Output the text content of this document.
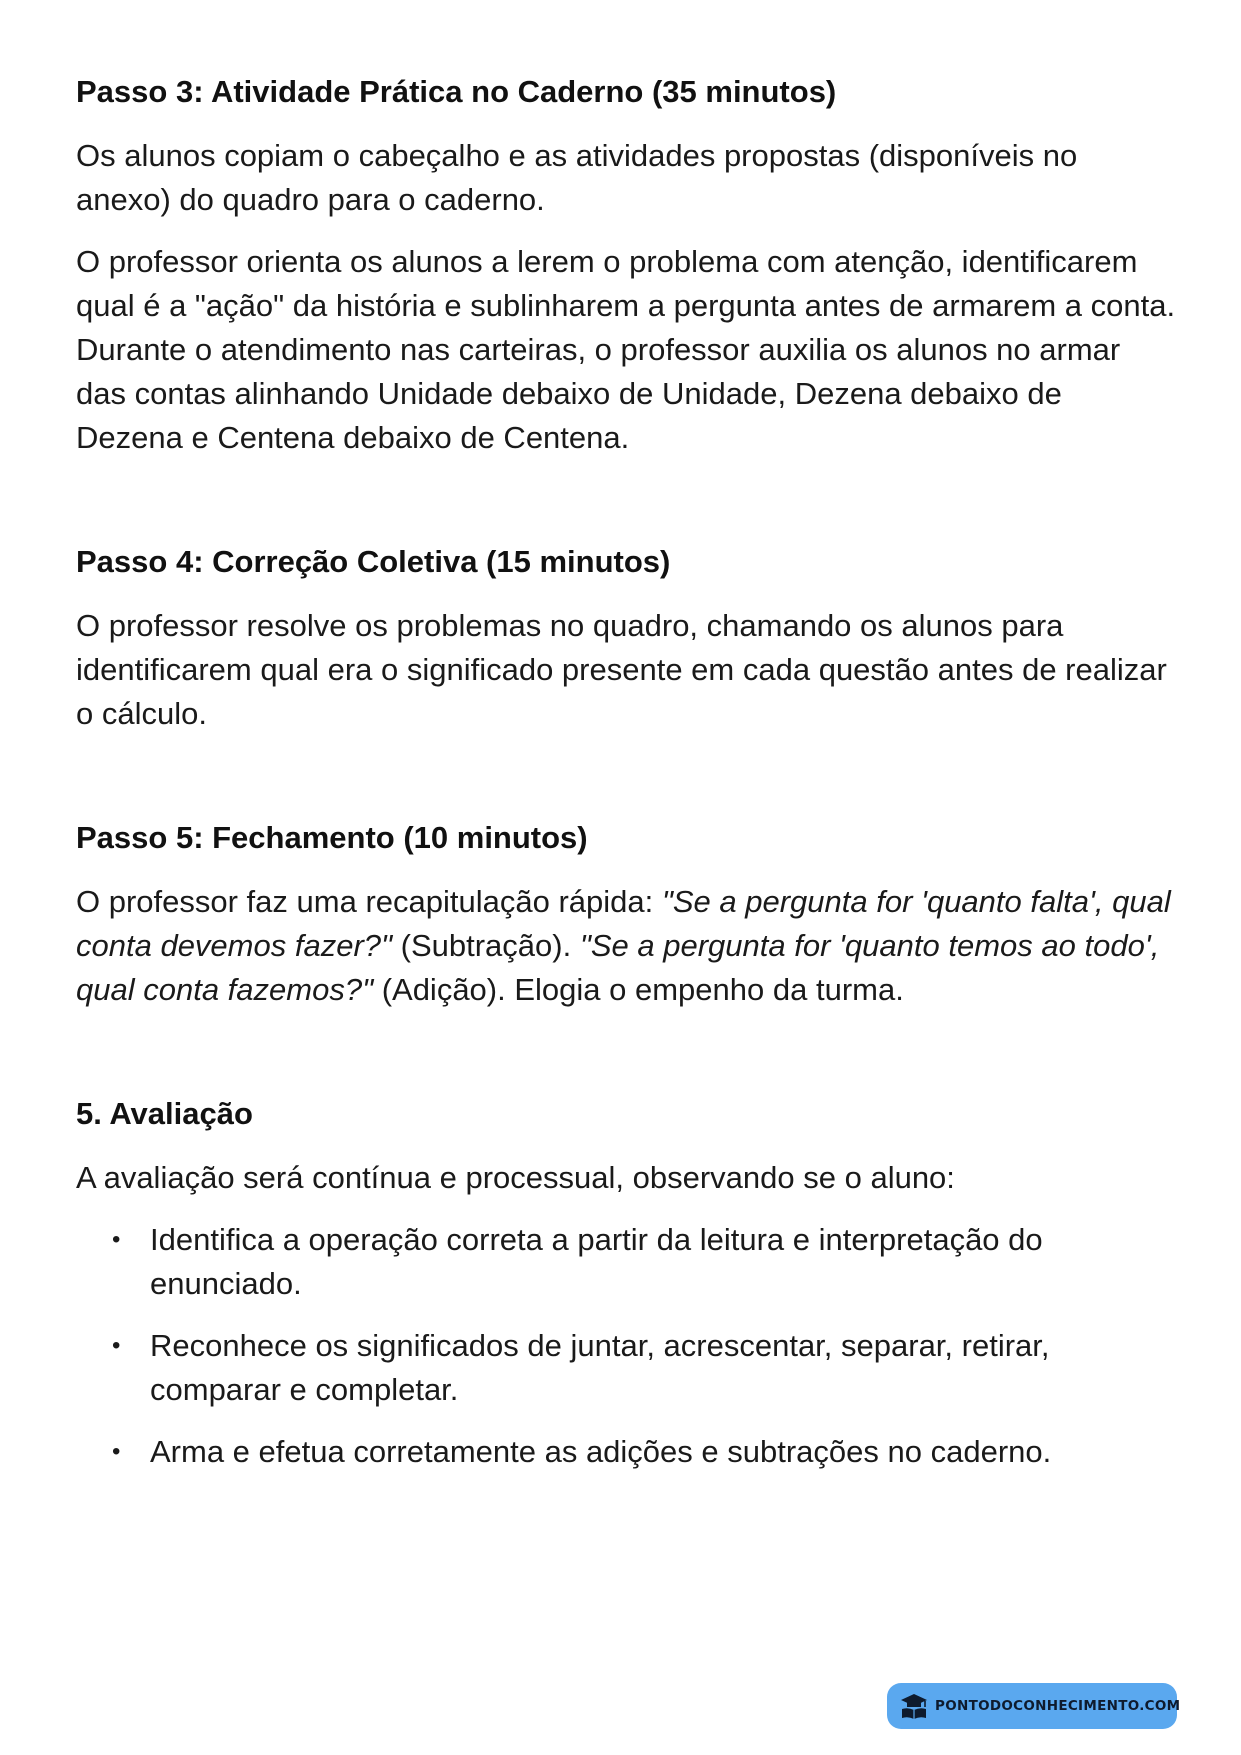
Passo 3: Atividade Prática no Caderno (35 minutos)

Os alunos copiam o cabeçalho e as atividades propostas (disponíveis no anexo) do quadro para o caderno.

O professor orienta os alunos a lerem o problema com atenção, identificarem qual é a "ação" da história e sublinharem a pergunta antes de armarem a conta. Durante o atendimento nas carteiras, o professor auxilia os alunos no armar das contas alinhando Unidade debaixo de Unidade, Dezena debaixo de Dezena e Centena debaixo de Centena.

Passo 4: Correção Coletiva (15 minutos)

O professor resolve os problemas no quadro, chamando os alunos para identificarem qual era o significado presente em cada questão antes de realizar o cálculo.

Passo 5: Fechamento (10 minutos)

O professor faz uma recapitulação rápida: "Se a pergunta for 'quanto falta', qual conta devemos fazer?" (Subtração). "Se a pergunta for 'quanto temos ao todo', qual conta fazemos?" (Adição). Elogia o empenho da turma.

5. Avaliação

A avaliação será contínua e processual, observando se o aluno:

• Identifica a operação correta a partir da leitura e interpretação do enunciado.
• Reconhece os significados de juntar, acrescentar, separar, retirar, comparar e completar.
• Arma e efetua corretamente as adições e subtrações no caderno.
PONTODOCONHECIMENTO.COM
